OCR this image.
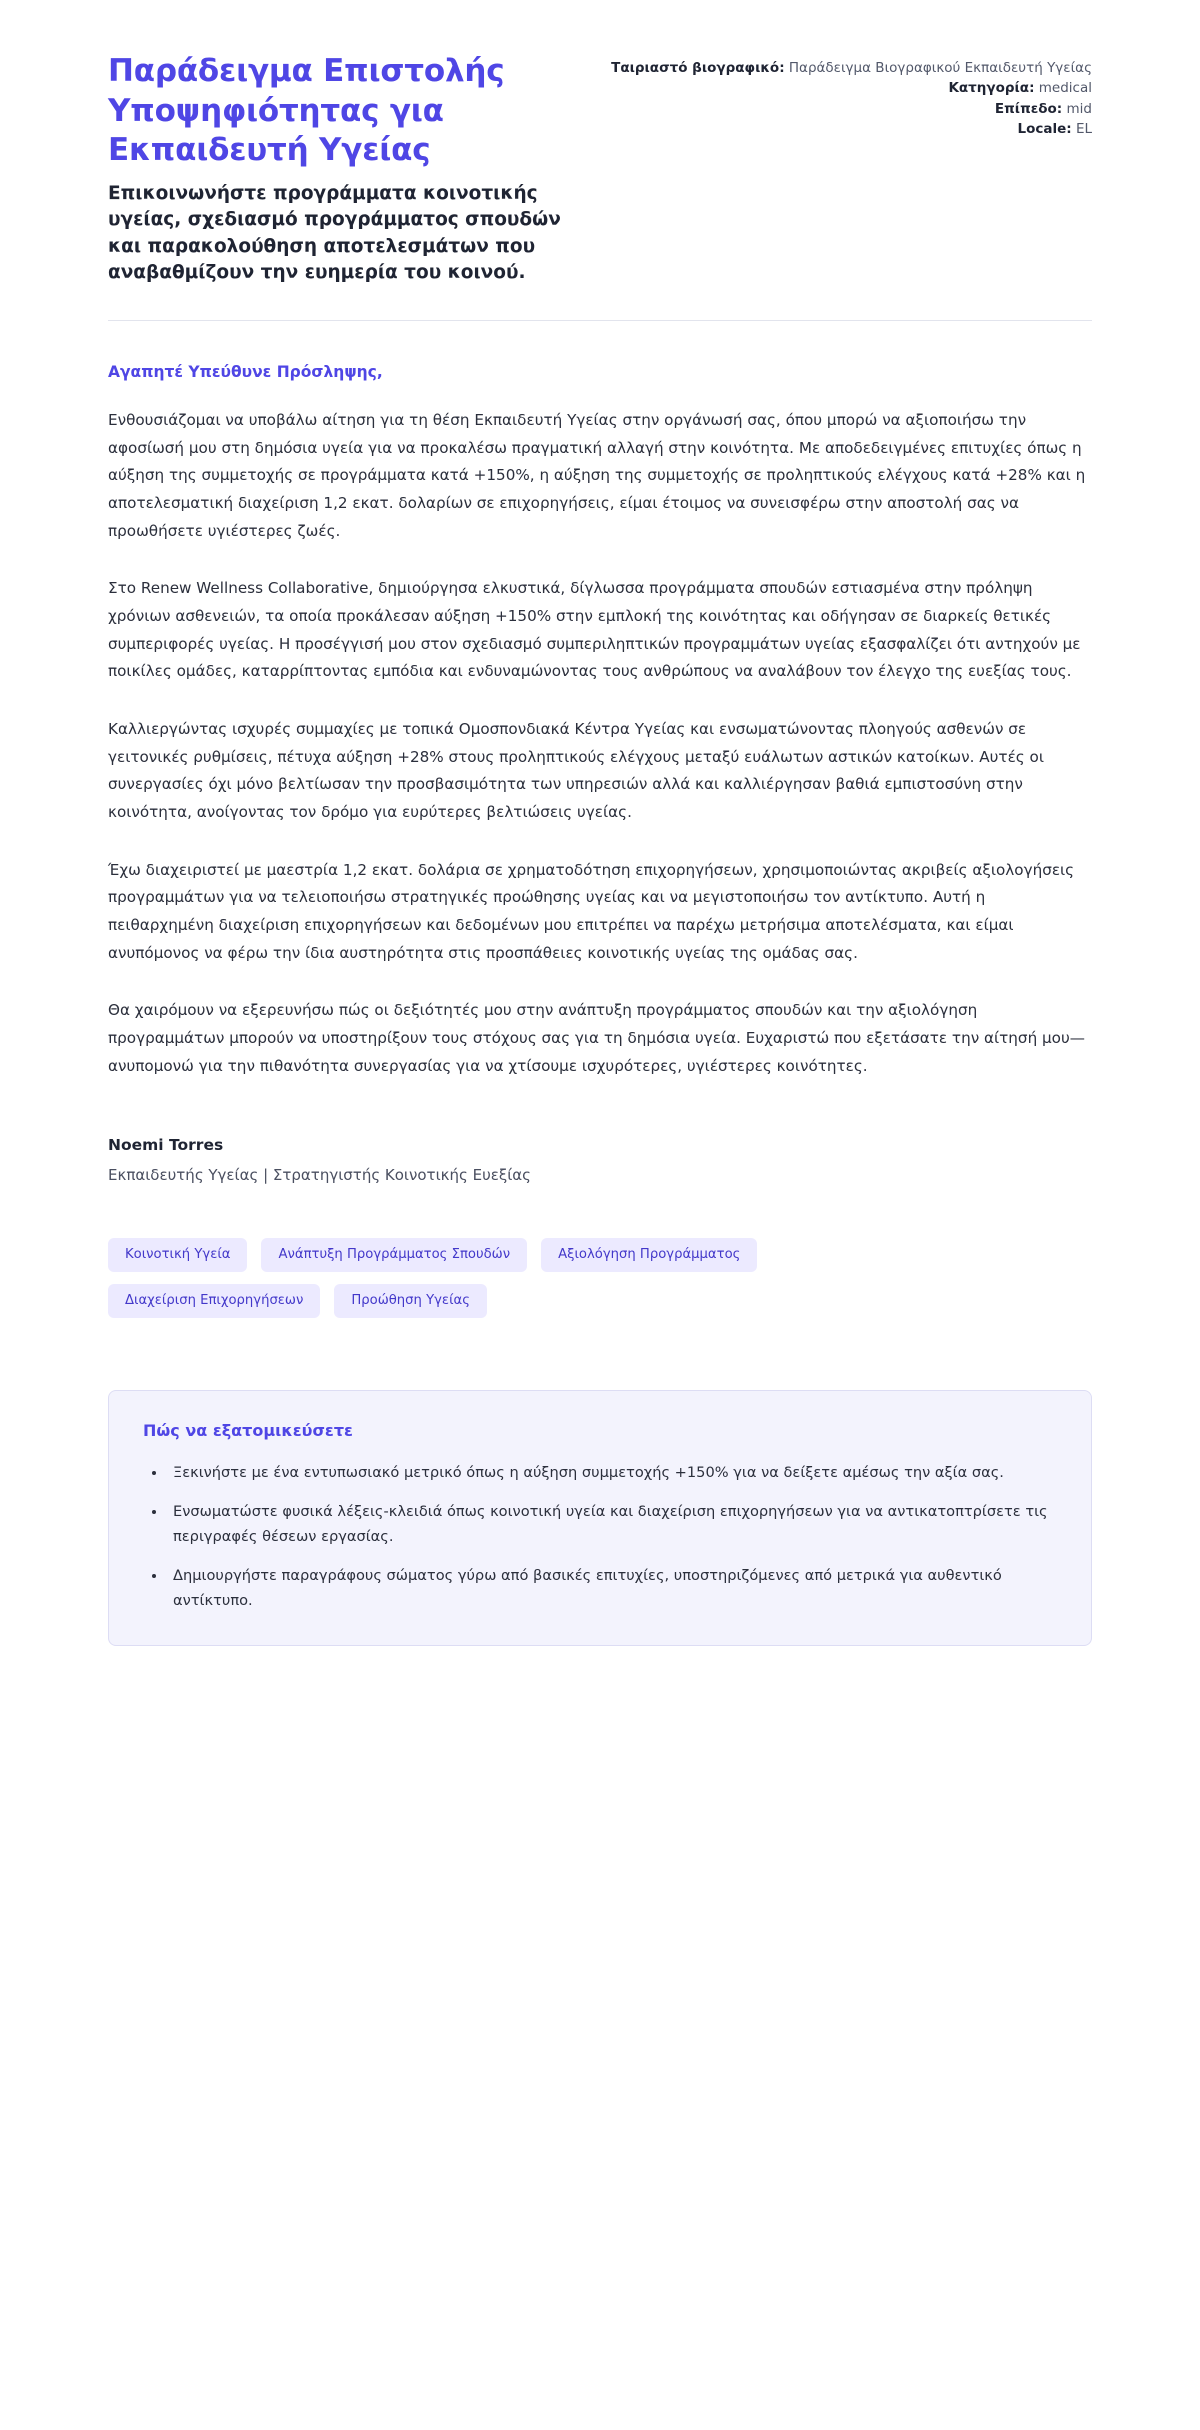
Παράδειγμα Επιστολής Υποψηφιότητας για Εκπαιδευτή Υγείας

Επικοινωνήστε προγράμματα κοινοτικής υγείας, σχεδιασμό προγράμματος σπουδών και παρακολούθηση αποτελεσμάτων που αναβαθμίζουν την ευημερία του κοινού.

Ταιριαστό βιογραφικό: Παράδειγμα Βιογραφικού Εκπαιδευτή Υγείας
Κατηγορία: medical
Επίπεδο: mid
Locale: EL

Αγαπητέ Υπεύθυνε Πρόσληψης,

Ενθουσιάζομαι να υποβάλω αίτηση για τη θέση Εκπαιδευτή Υγείας στην οργάνωσή σας, όπου μπορώ να αξιοποιήσω την αφοσίωσή μου στη δημόσια υγεία για να προκαλέσω πραγματική αλλαγή στην κοινότητα. Με αποδεδειγμένες επιτυχίες όπως η αύξηση της συμμετοχής σε προγράμματα κατά +150%, η αύξηση της συμμετοχής σε προληπτικούς ελέγχους κατά +28% και η αποτελεσματική διαχείριση 1,2 εκατ. δολαρίων σε επιχορηγήσεις, είμαι έτοιμος να συνεισφέρω στην αποστολή σας να προωθήσετε υγιέστερες ζωές.

Στο Renew Wellness Collaborative, δημιούργησα ελκυστικά, δίγλωσσα προγράμματα σπουδών εστιασμένα στην πρόληψη χρόνιων ασθενειών, τα οποία προκάλεσαν αύξηση +150% στην εμπλοκή της κοινότητας και οδήγησαν σε διαρκείς θετικές συμπεριφορές υγείας. Η προσέγγισή μου στον σχεδιασμό συμπεριληπτικών προγραμμάτων υγείας εξασφαλίζει ότι αντηχούν με ποικίλες ομάδες, καταρρίπτοντας εμπόδια και ενδυναμώνοντας τους ανθρώπους να αναλάβουν τον έλεγχο της ευεξίας τους.

Καλλιεργώντας ισχυρές συμμαχίες με τοπικά Ομοσπονδιακά Κέντρα Υγείας και ενσωματώνοντας πλοηγούς ασθενών σε γειτονικές ρυθμίσεις, πέτυχα αύξηση +28% στους προληπτικούς ελέγχους μεταξύ ευάλωτων αστικών κατοίκων. Αυτές οι συνεργασίες όχι μόνο βελτίωσαν την προσβασιμότητα των υπηρεσιών αλλά και καλλιέργησαν βαθιά εμπιστοσύνη στην κοινότητα, ανοίγοντας τον δρόμο για ευρύτερες βελτιώσεις υγείας.

Έχω διαχειριστεί με μαεστρία 1,2 εκατ. δολάρια σε χρηματοδότηση επιχορηγήσεων, χρησιμοποιώντας ακριβείς αξιολογήσεις προγραμμάτων για να τελειοποιήσω στρατηγικές προώθησης υγείας και να μεγιστοποιήσω τον αντίκτυπο. Αυτή η πειθαρχημένη διαχείριση επιχορηγήσεων και δεδομένων μου επιτρέπει να παρέχω μετρήσιμα αποτελέσματα, και είμαι ανυπόμονος να φέρω την ίδια αυστηρότητα στις προσπάθειες κοινοτικής υγείας της ομάδας σας.

Θα χαιρόμουν να εξερευνήσω πώς οι δεξιότητές μου στην ανάπτυξη προγράμματος σπουδών και την αξιολόγηση προγραμμάτων μπορούν να υποστηρίξουν τους στόχους σας για τη δημόσια υγεία. Ευχαριστώ που εξετάσατε την αίτησή μου—ανυπομονώ για την πιθανότητα συνεργασίας για να χτίσουμε ισχυρότερες, υγιέστερες κοινότητες.

Noemi Torres

Εκπαιδευτής Υγείας | Στρατηγιστής Κοινοτικής Ευεξίας

Κοινοτική Υγεία	Ανάπτυξη Προγράμματος Σπουδών	Αξιολόγηση Προγράμματος
Διαχείριση Επιχορηγήσεων	Προώθηση Υγείας

Πώς να εξατομικεύσετε

• Ξεκινήστε με ένα εντυπωσιακό μετρικό όπως η αύξηση συμμετοχής +150% για να δείξετε αμέσως την αξία σας.
• Ενσωματώστε φυσικά λέξεις-κλειδιά όπως κοινοτική υγεία και διαχείριση επιχορηγήσεων για να αντικατοπτρίσετε τις περιγραφές θέσεων εργασίας.
• Δημιουργήστε παραγράφους σώματος γύρω από βασικές επιτυχίες, υποστηριζόμενες από μετρικά για αυθεντικό αντίκτυπο.
